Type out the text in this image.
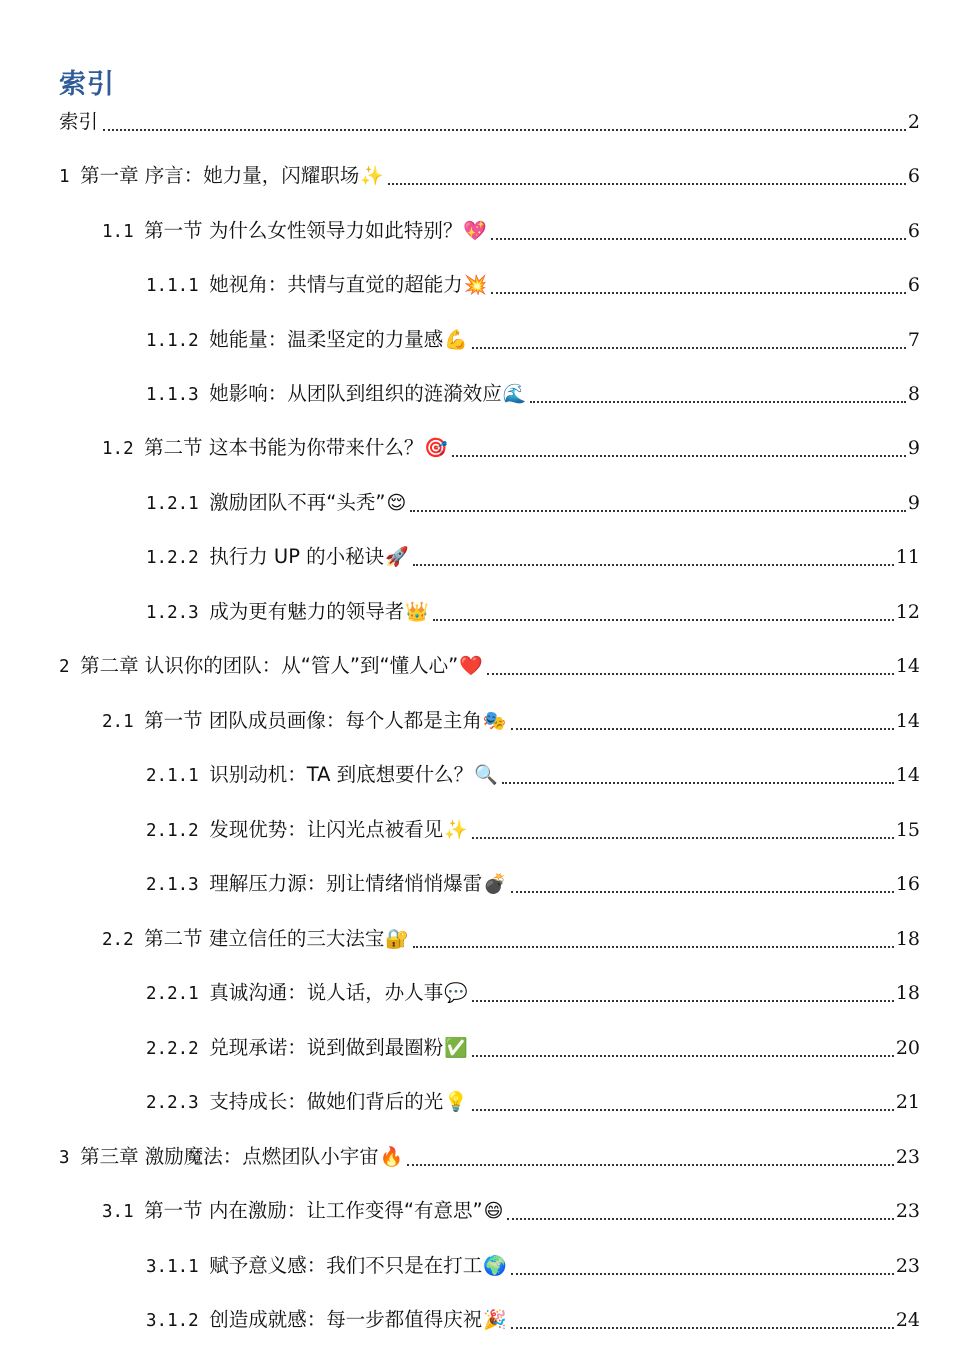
索引
索引	2
1 第一章 序言：她力量，闪耀职场 ✨	6
1.1 第一节 为什么女性领导力如此特别？ 💖	6
1.1.1 她视角：共情与直觉的超能力 💥	6
1.1.2 她能量：温柔坚定的力量感 💪	7
1.1.3 她影响：从团队到组织的涟漪效应 🌊	8
1.2 第二节 这本书能为你带来什么？ 🎯	9
1.2.1 激励团队不再“头秃” 😌	9
1.2.2 执行力 UP 的小秘诀 🚀	11
1.2.3 成为更有魅力的领导者 👑	12
2 第二章 认识你的团队：从“管人”到“懂人心” ❤️	14
2.1 第一节 团队成员画像：每个人都是主角 🎭	14
2.1.1 识别动机：TA 到底想要什么？ 🔍	14
2.1.2 发现优势：让闪光点被看见 ✨	15
2.1.3 理解压力源：别让情绪悄悄爆雷 💣	16
2.2 第二节 建立信任的三大法宝 🔐	18
2.2.1 真诚沟通：说人话，办人事 💬	18
2.2.2 兑现承诺：说到做到最圈粉 ✅	20
2.2.3 支持成长：做她们背后的光 💡	21
3 第三章 激励魔法：点燃团队小宇宙 🔥	23
3.1 第一节 内在激励：让工作变得“有意思” 😄	23
3.1.1 赋予意义感：我们不只是在打工 🌍	23
3.1.2 创造成就感：每一步都值得庆祝 🎉	24
